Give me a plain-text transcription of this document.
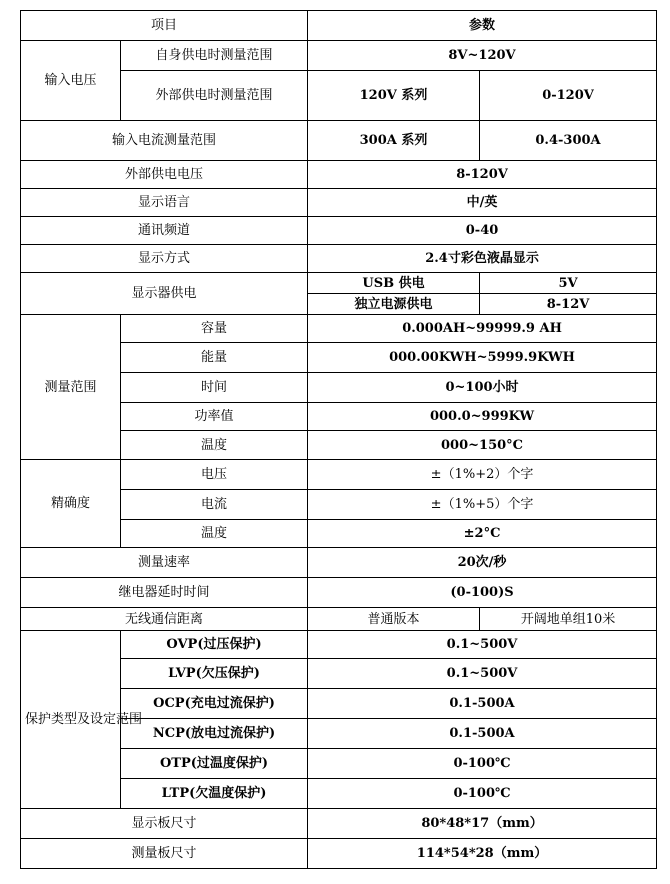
项目		参数	
输入电压	自身供电时测量范围	8V~120V	
	外部供电时测量范围	120V 系列	0-120V
输入电流测量范围		300A 系列	0.4-300A
外部供电电压		8-120V	
显示语言		中/英	
通讯频道		0-40	
显示方式		2.4寸彩色液晶显示	
显示器供电		USB 供电	5V
		独立电源供电	8-12V
测量范围	容量	0.000AH~99999.9 AH	
	能量	000.00KWH~5999.9KWH	
	时间	0~100小时	
	功率值	000.0~999KW	
	温度	000~150°C	
精确度	电压	±（1%+2）个字	
	电流	±（1%+5）个字	
	温度	±2°C	
测量速率		20次/秒	
继电器延时时间		(0-100)S	
无线通信距离		普通版本	开阔地单组10米
保护类型及设定范围	OVP(过压保护)	0.1~500V	
	LVP(欠压保护)	0.1~500V	
	OCP(充电过流保护)	0.1-500A	
	NCP(放电过流保护)	0.1-500A	
	OTP(过温度保护)	0-100℃	
	LTP(欠温度保护)	0-100℃	
显示板尺寸		80*48*17（mm）	
测量板尺寸		114*54*28（mm）	
